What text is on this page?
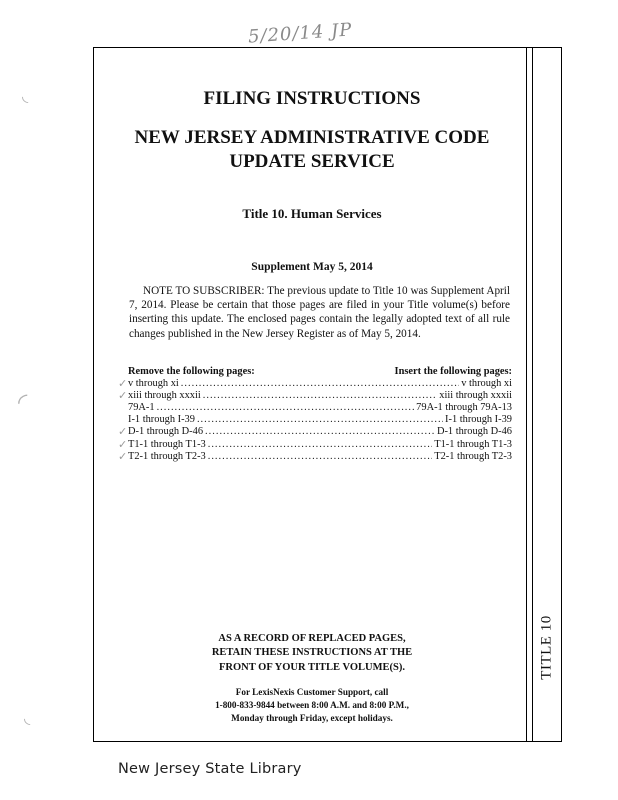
5/20/14 JP
◟
◜
◟
TITLE 10
FILING INSTRUCTIONS
NEW JERSEY ADMINISTRATIVE CODE
UPDATE SERVICE
Title 10. Human Services
Supplement May 5, 2014
NOTE TO SUBSCRIBER: The previous update to Title 10 was Supplement April 7, 2014. Please be certain that those pages are filed in your Title volume(s) before inserting this update. The enclosed pages contain the legally adopted text of all rule changes published in the New Jersey Register as of May 5, 2014.
Remove the following pages:	Insert the following pages:
✓ v through xi .....	v through xi
✓ xiii through xxxii .....	xiii through xxxii
79A-1 .....	79A-1 through 79A-13
I-1 through I-39 .....	I-1 through I-39
✓ D-1 through D-46 .....	D-1 through D-46
✓ T1-1 through T1-3 .....	T1-1 through T1-3
✓ T2-1 through T2-3 .....	T2-1 through T2-3
AS A RECORD OF REPLACED PAGES,
RETAIN THESE INSTRUCTIONS AT THE
FRONT OF YOUR TITLE VOLUME(S).
For LexisNexis Customer Support, call
1-800-833-9844 between 8:00 A.M. and 8:00 P.M.,
Monday through Friday, except holidays.
New Jersey State Library
